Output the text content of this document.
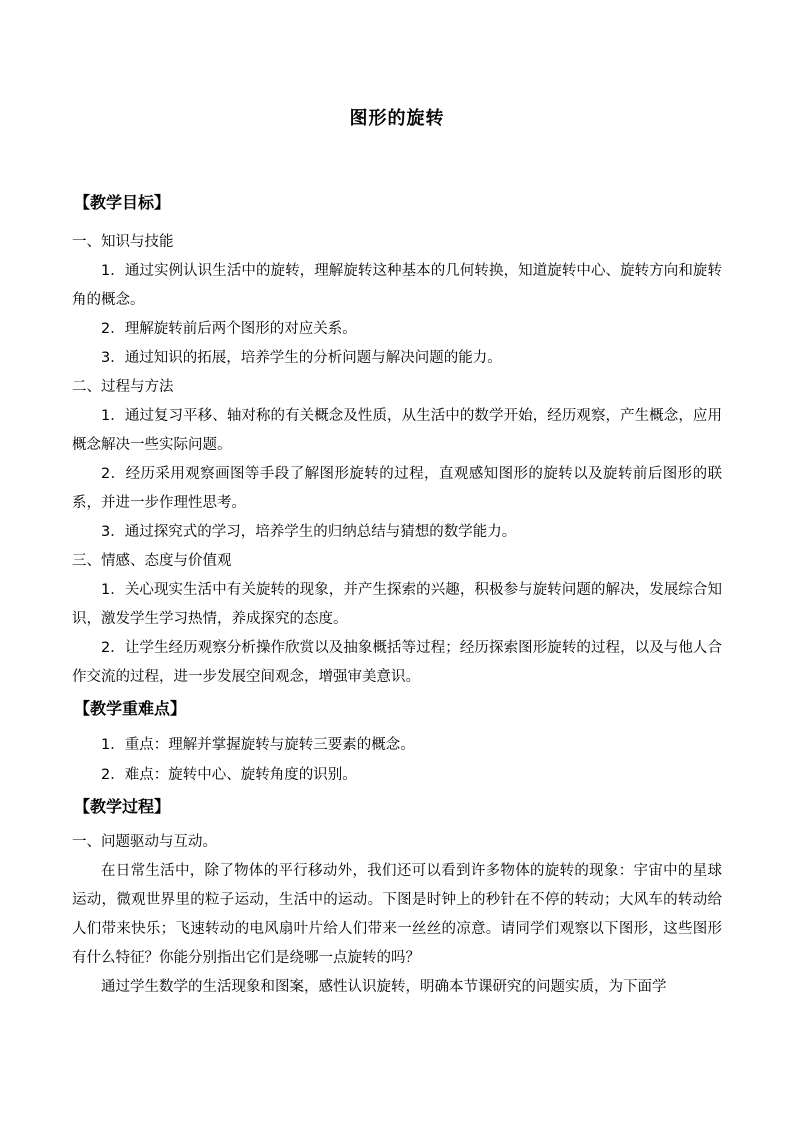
图形的旋转
【教学目标】

一、知识与技能

1．通过实例认识生活中的旋转，理解旋转这种基本的几何转换，知道旋转中心、旋转方向和旋转角的概念。

2．理解旋转前后两个图形的对应关系。

3．通过知识的拓展，培养学生的分析问题与解决问题的能力。

二、过程与方法

1．通过复习平移、轴对称的有关概念及性质，从生活中的数学开始，经历观察，产生概念，应用概念解决一些实际问题。

2．经历采用观察画图等手段了解图形旋转的过程，直观感知图形的旋转以及旋转前后图形的联系，并进一步作理性思考。

3．通过探究式的学习，培养学生的归纳总结与猜想的数学能力。

三、情感、态度与价值观

1．关心现实生活中有关旋转的现象，并产生探索的兴趣，积极参与旋转问题的解决，发展综合知识，激发学生学习热情，养成探究的态度。

2．让学生经历观察分析操作欣赏以及抽象概括等过程；经历探索图形旋转的过程，以及与他人合作交流的过程，进一步发展空间观念，增强审美意识。

【教学重难点】

1．重点：理解并掌握旋转与旋转三要素的概念。

2．难点：旋转中心、旋转角度的识别。

【教学过程】

一、问题驱动与互动。

在日常生活中，除了物体的平行移动外，我们还可以看到许多物体的旋转的现象：宇宙中的星球运动，微观世界里的粒子运动，生活中的运动。下图是时钟上的秒针在不停的转动；大风车的转动给人们带来快乐；飞速转动的电风扇叶片给人们带来一丝丝的凉意。请同学们观察以下图形，这些图形有什么特征？你能分别指出它们是绕哪一点旋转的吗？

通过学生数学的生活现象和图案，感性认识旋转，明确本节课研究的问题实质，为下面学
